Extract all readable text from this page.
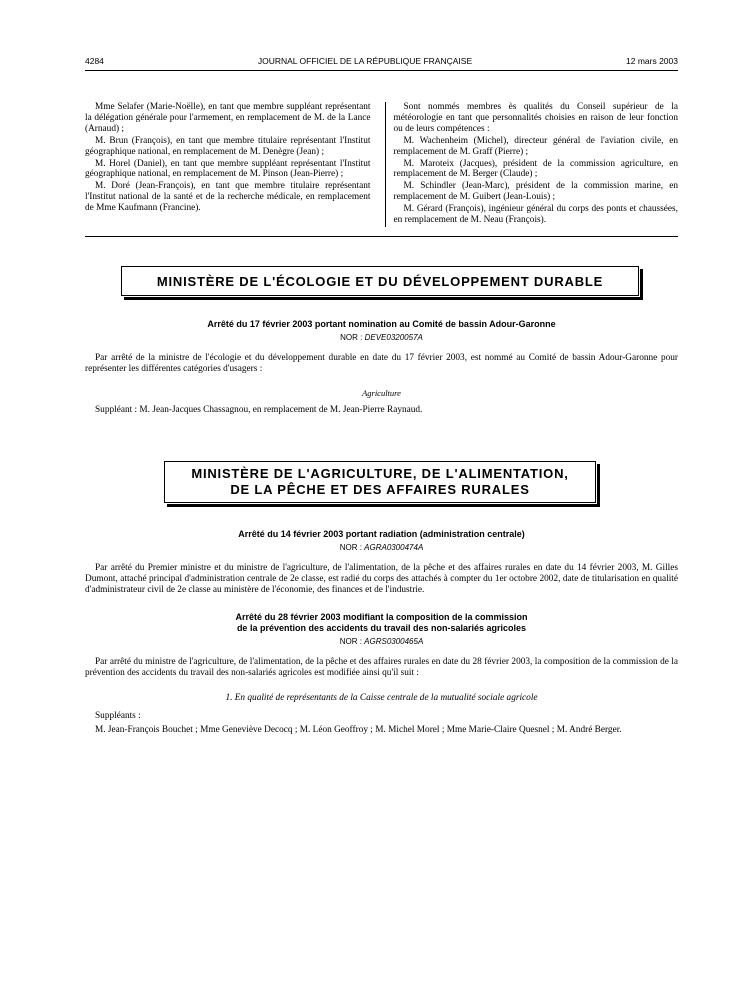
4284	JOURNAL OFFICIEL DE LA RÉPUBLIQUE FRANÇAISE	12 mars 2003

Mme Selafer (Marie-Noëlle), en tant que membre suppléant représentant la délégation générale pour l'armement, en remplacement de M. de la Lance (Arnaud) ;

M. Brun (François), en tant que membre titulaire représentant l'Institut géographique national, en remplacement de M. Denègre (Jean) ;

M. Horel (Daniel), en tant que membre suppléant représentant l'Institut géographique national, en remplacement de M. Pinson (Jean-Pierre) ;

M. Doré (Jean-François), en tant que membre titulaire représentant l'Institut national de la santé et de la recherche médicale, en remplacement de Mme Kaufmann (Francine).

Sont nommés membres ès qualités du Conseil supérieur de la météorologie en tant que personnalités choisies en raison de leur fonction ou de leurs compétences :

M. Wachenheim (Michel), directeur général de l'aviation civile, en remplacement de M. Graff (Pierre) ;

M. Maroteix (Jacques), président de la commission agriculture, en remplacement de M. Berger (Claude) ;

M. Schindler (Jean-Marc), président de la commission marine, en remplacement de M. Guibert (Jean-Louis) ;

M. Gérard (François), ingénieur général du corps des ponts et chaussées, en remplacement de M. Neau (François).

MINISTÈRE DE L'ÉCOLOGIE ET DU DÉVELOPPEMENT DURABLE
Arrêté du 17 février 2003 portant nomination au Comité de bassin Adour-Garonne
NOR : DEVE0320057A
Par arrêté de la ministre de l'écologie et du développement durable en date du 17 février 2003, est nommé au Comité de bassin Adour-Garonne pour représenter les différentes catégories d'usagers :
Agriculture
Suppléant : M. Jean-Jacques Chassagnou, en remplacement de M. Jean-Pierre Raynaud.
MINISTÈRE DE L'AGRICULTURE, DE L'ALIMENTATION,
DE LA PÊCHE ET DES AFFAIRES RURALES
Arrêté du 14 février 2003 portant radiation (administration centrale)
NOR : AGRA0300474A
Par arrêté du Premier ministre et du ministre de l'agriculture, de l'alimentation, de la pêche et des affaires rurales en date du 14 février 2003, M. Gilles Dumont, attaché principal d'administration centrale de 2e classe, est radié du corps des attachés à compter du 1er octobre 2002, date de titularisation en qualité d'administrateur civil de 2e classe au ministère de l'économie, des finances et de l'industrie.
Arrêté du 28 février 2003 modifiant la composition de la commission
de la prévention des accidents du travail des non-salariés agricoles
NOR : AGRS0300465A
Par arrêté du ministre de l'agriculture, de l'alimentation, de la pêche et des affaires rurales en date du 28 février 2003, la composition de la commission de la prévention des accidents du travail des non-salariés agricoles est modifiée ainsi qu'il suit :
1. En qualité de représentants de la Caisse centrale de la mutualité sociale agricole
Suppléants :
M. Jean-François Bouchet ; Mme Geneviève Decocq ; M. Léon Geoffroy ; M. Michel Morel ; Mme Marie-Claire Quesnel ; M. André Berger.
